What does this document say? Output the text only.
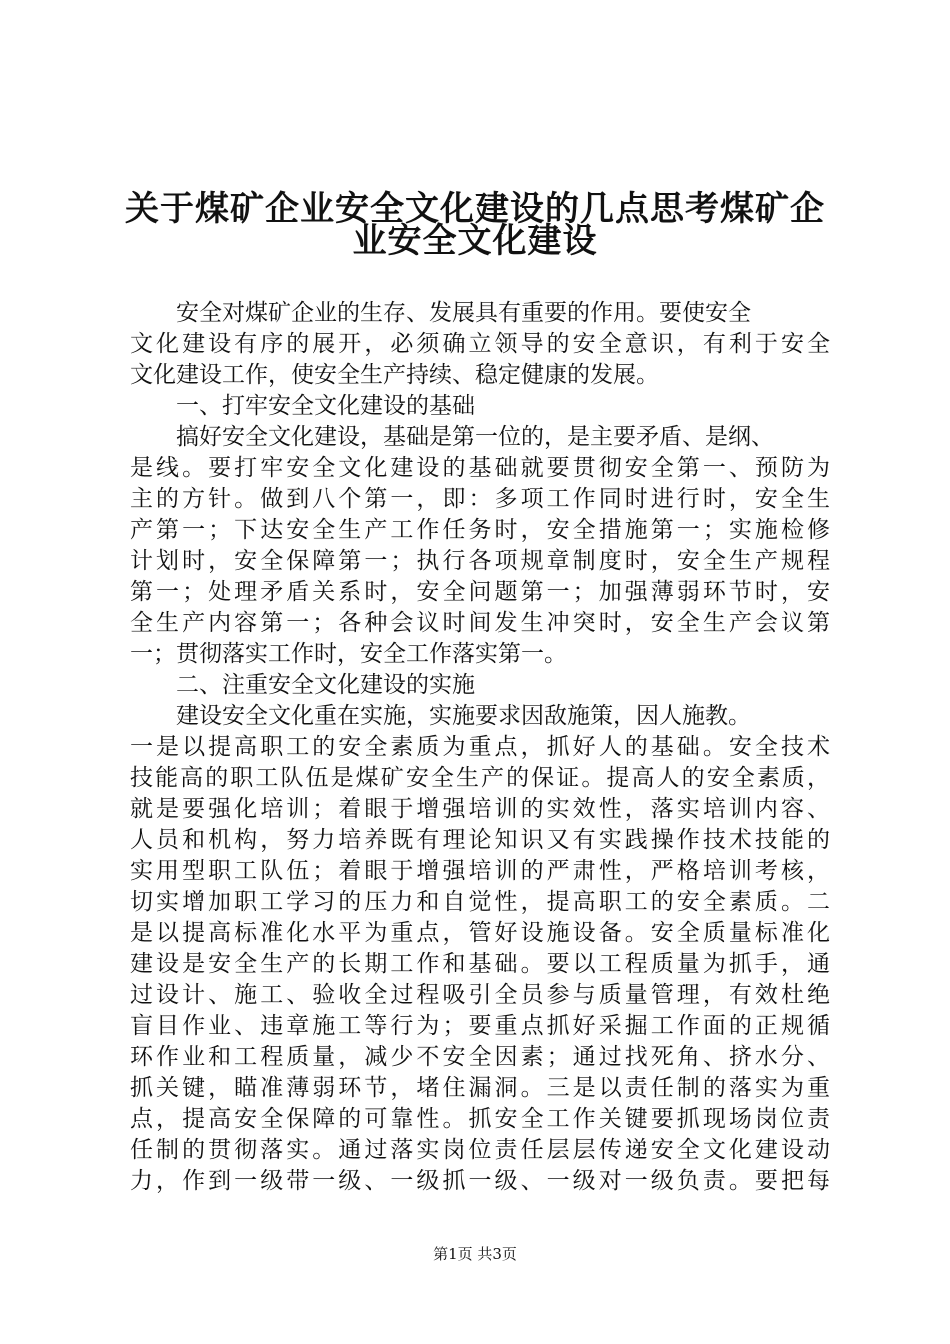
关于煤矿企业安全文化建设的几点思考煤矿企
业安全文化建设
安全对煤矿企业的生存、发展具有重要的作用。要使安全
文化建设有序的展开，必须确立领导的安全意识，有利于安全
文化建设工作，使安全生产持续、稳定健康的发展。
一、打牢安全文化建设的基础
搞好安全文化建设，基础是第一位的，是主要矛盾、是纲、
是线。要打牢安全文化建设的基础就要贯彻安全第一、预防为
主的方针。做到八个第一，即：多项工作同时进行时，安全生
产第一；下达安全生产工作任务时，安全措施第一；实施检修
计划时，安全保障第一；执行各项规章制度时，安全生产规程
第一；处理矛盾关系时，安全问题第一；加强薄弱环节时，安
全生产内容第一；各种会议时间发生冲突时，安全生产会议第
一；贯彻落实工作时，安全工作落实第一。
二、注重安全文化建设的实施
建设安全文化重在实施，实施要求因敌施策，因人施教。
一是以提高职工的安全素质为重点，抓好人的基础。安全技术
技能高的职工队伍是煤矿安全生产的保证。提高人的安全素质，
就是要强化培训；着眼于增强培训的实效性，落实培训内容、
人员和机构，努力培养既有理论知识又有实践操作技术技能的
实用型职工队伍；着眼于增强培训的严肃性，严格培训考核，
切实增加职工学习的压力和自觉性，提高职工的安全素质。二
是以提高标准化水平为重点，管好设施设备。安全质量标准化
建设是安全生产的长期工作和基础。要以工程质量为抓手，通
过设计、施工、验收全过程吸引全员参与质量管理，有效杜绝
盲目作业、违章施工等行为；要重点抓好采掘工作面的正规循
环作业和工程质量，减少不安全因素；通过找死角、挤水分、
抓关键，瞄准薄弱环节，堵住漏洞。三是以责任制的落实为重
点，提高安全保障的可靠性。抓安全工作关键要抓现场岗位责
任制的贯彻落实。通过落实岗位责任层层传递安全文化建设动
力，作到一级带一级、一级抓一级、一级对一级负责。要把每
第1页 共3页
